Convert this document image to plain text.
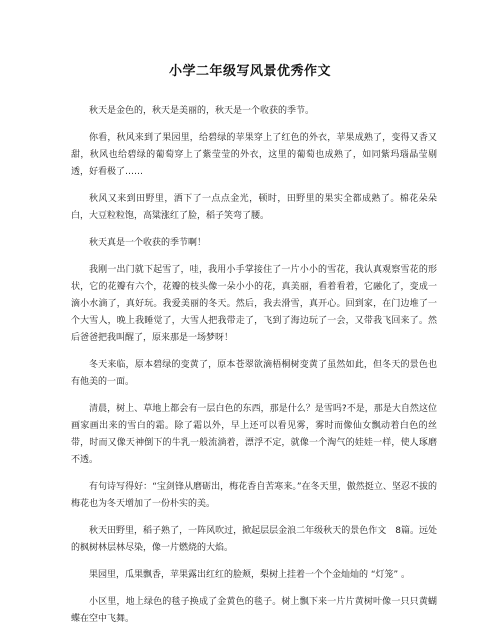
小学二年级写风景优秀作文

秋天是金色的，秋天是美丽的，秋天是一个收获的季节。

你看，秋风来到了果园里，给碧绿的苹果穿上了红色的外衣，苹果成熟了，变得又香又甜，秋风也给碧绿的葡萄穿上了紫莹莹的外衣，这里的葡萄也成熟了，如同紫玛瑙晶莹剔透，好看极了……

秋风又来到田野里，洒下了一点点金光，顿时，田野里的果实全都成熟了。棉花朵朵白，大豆粒粒饱，高粱涨红了脸，稻子笑弯了腰。

秋天真是一个收获的季节啊！

我刚一出门就下起雪了，哇，我用小手掌接住了一片小小的雪花，我认真观察雪花的形状，它的花瓣有六个，花瓣的枝头像一朵小小的花，真美丽，看着看着，它融化了，变成一滴小水滴了，真好玩。我爱美丽的冬天。然后，我去滑雪，真开心。回到家，在门边堆了一个大雪人，晚上我睡觉了，大雪人把我带走了，飞到了海边玩了一会，又带我飞回来了。然后爸爸把我叫醒了，原来那是一场梦呀！

冬天来临，原本碧绿的变黄了，原本苍翠欲滴梧桐树变黄了虽然如此，但冬天的景色也有他美的一面。

清晨，树上、草地上都会有一层白色的东西，那是什么？是雪吗?不是，那是大自然这位画家画出来的雪白的霜。除了霜以外，早上还可以看见雾，雾时而像仙女飘动着白色的丝带，时而又像天神倒下的牛乳一般流淌着，漂浮不定，就像一个淘气的娃娃一样，使人琢磨不透。

有句诗写得好：“宝剑锋从磨砺出，梅花香自苦寒来。”在冬天里，傲然挺立、坚忍不拔的梅花也为冬天增加了一份朴实的美。

秋天田野里，稻子熟了，一阵风吹过，掀起层层金浪二年级秋天的景色作文　8篇。远处的枫树林层林尽染，像一片燃烧的大焰。

果园里，瓜果飘香，苹果露出红红的脸颊，梨树上挂着一个个金灿灿的 “灯笼” 。

小区里，地上绿色的毯子换成了金黄色的毯子。树上飘下来一片片黄树叶像一只只黄蝴蝶在空中飞舞。
